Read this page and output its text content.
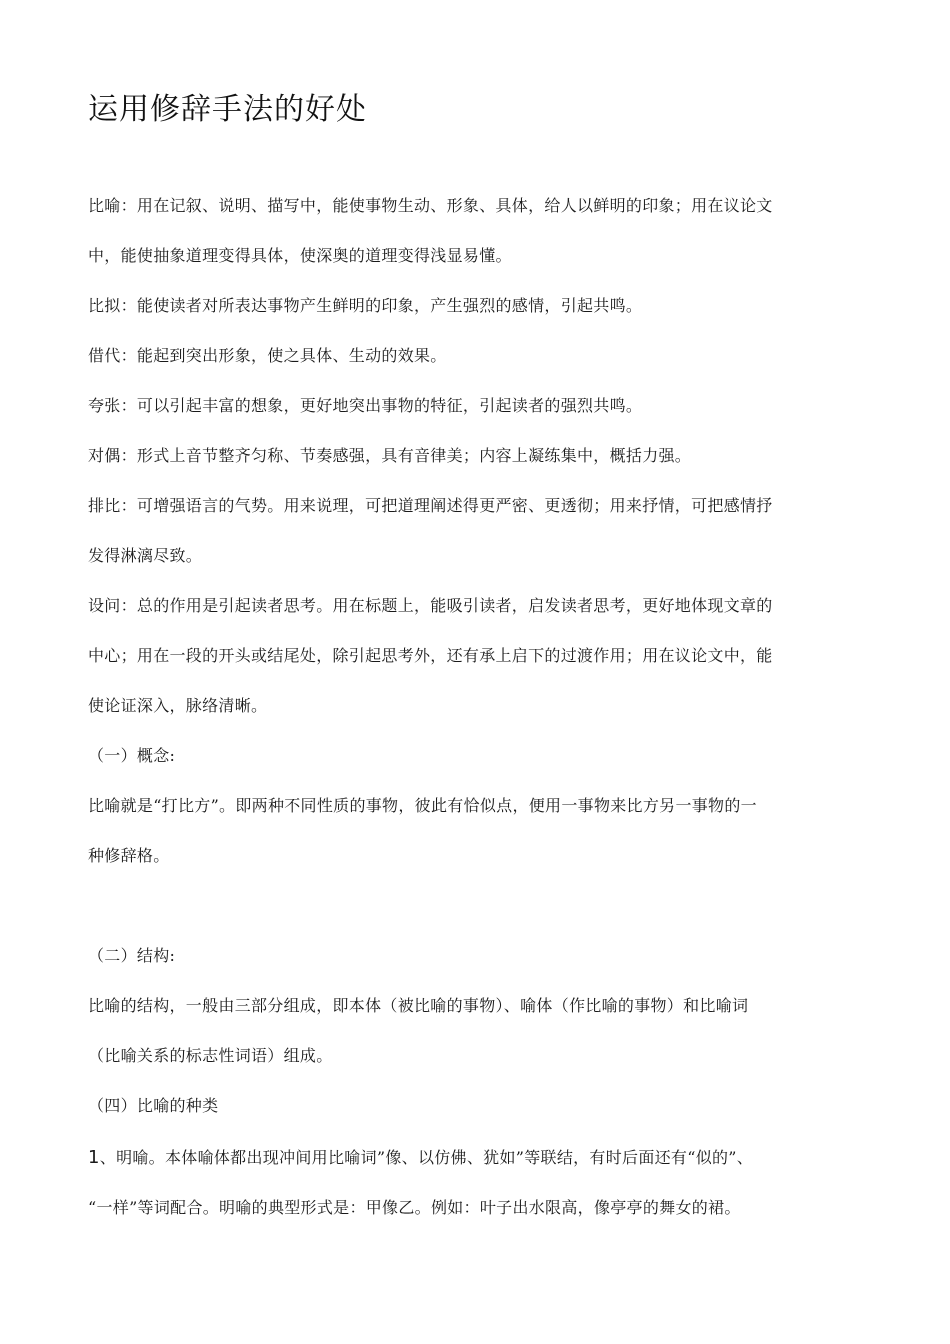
运用修辞手法的好处
比喻：用在记叙、说明、描写中，能使事物生动、形象、具体，给人以鲜明的印象；用在议论文
中，能使抽象道理变得具体，使深奥的道理变得浅显易懂。
比拟：能使读者对所表达事物产生鲜明的印象，产生强烈的感情，引起共鸣。
借代：能起到突出形象，使之具体、生动的效果。
夸张：可以引起丰富的想象，更好地突出事物的特征，引起读者的强烈共鸣。
对偶：形式上音节整齐匀称、节奏感强，具有音律美；内容上凝练集中，概括力强。
排比：可增强语言的气势。用来说理，可把道理阐述得更严密、更透彻；用来抒情，可把感情抒
发得淋漓尽致。
设问：总的作用是引起读者思考。用在标题上，能吸引读者，启发读者思考，更好地体现文章的
中心；用在一段的开头或结尾处，除引起思考外，还有承上启下的过渡作用；用在议论文中，能
使论证深入，脉络清晰。
（一）概念:
比喻就是“打比方”。即两种不同性质的事物，彼此有恰似点，便用一事物来比方另一事物的一
种修辞格。
（二）结构:
比喻的结构，一般由三部分组成，即本体（被比喻的事物）、喻体（作比喻的事物）和比喻词
（比喻关系的标志性词语）组成。
（四）比喻的种类
1、明喻。本体喻体都出现冲间用比喻词”像、以仿佛、犹如”等联结，有时后面还有“似的”、
“一样”等词配合。明喻的典型形式是：甲像乙。例如：叶子出水限高，像亭亭的舞女的裙。
